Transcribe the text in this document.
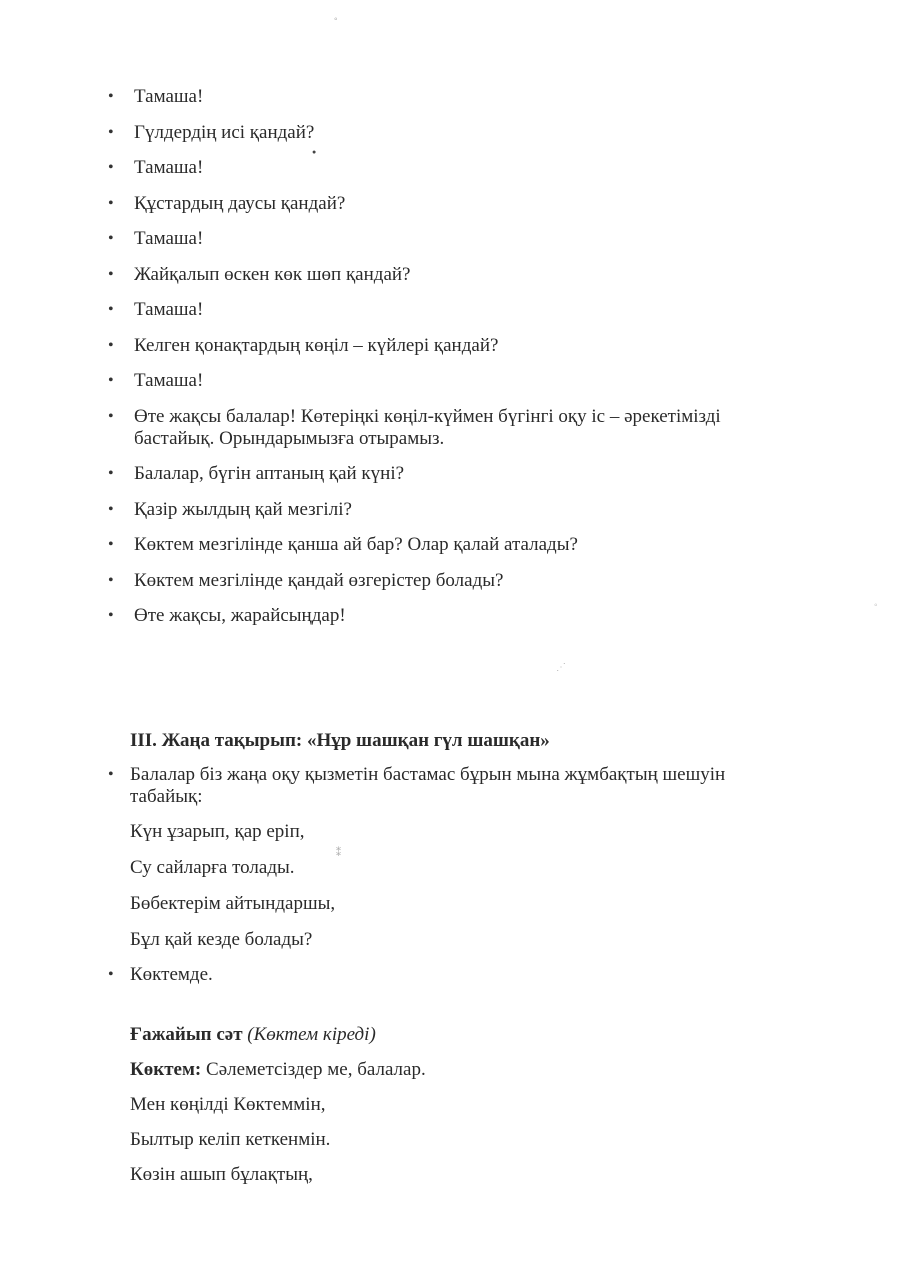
• Тамаша!
• Гүлдердің исі қандай?
• Тамаша!
• Құстардың даусы қандай?
• Тамаша!
• Жайқалып өскен көк шөп қандай?
• Тамаша!
• Келген қонақтардың көңіл – күйлері қандай?
• Тамаша!
• Өте жақсы балалар! Көтеріңкі көңіл-күймен бүгінгі оқу іс – әрекетімізді бастайық. Орындарымызға отырамыз.
• Балалар, бүгін аптаның қай күні?
• Қазір жылдың қай мезгілі?
• Көктем мезгілінде қанша ай бар? Олар қалай аталады?
• Көктем мезгілінде қандай өзгерістер болады?
• Өте жақсы, жарайсыңдар!
ІІІ. Жаңа тақырып: «Нұр шашқан гүл шашқан»
• Балалар біз жаңа оқу қызметін бастамас бұрын мына жұмбақтың шешуін табайық:
Күн ұзарып, қар еріп,
Су сайларға толады.
Бөбектерім айтындаршы,
Бұл қай кезде болады?
• Көктемде.
Ғажайып сәт (Көктем кіреді)
Көктем: Сәлеметсіздер ме, балалар.
Мен көңілді Көктеммін,
Былтыр келіп кеткенмін.
Көзін ашып бұлақтың,
◦
●
◦
⋰
⁑
